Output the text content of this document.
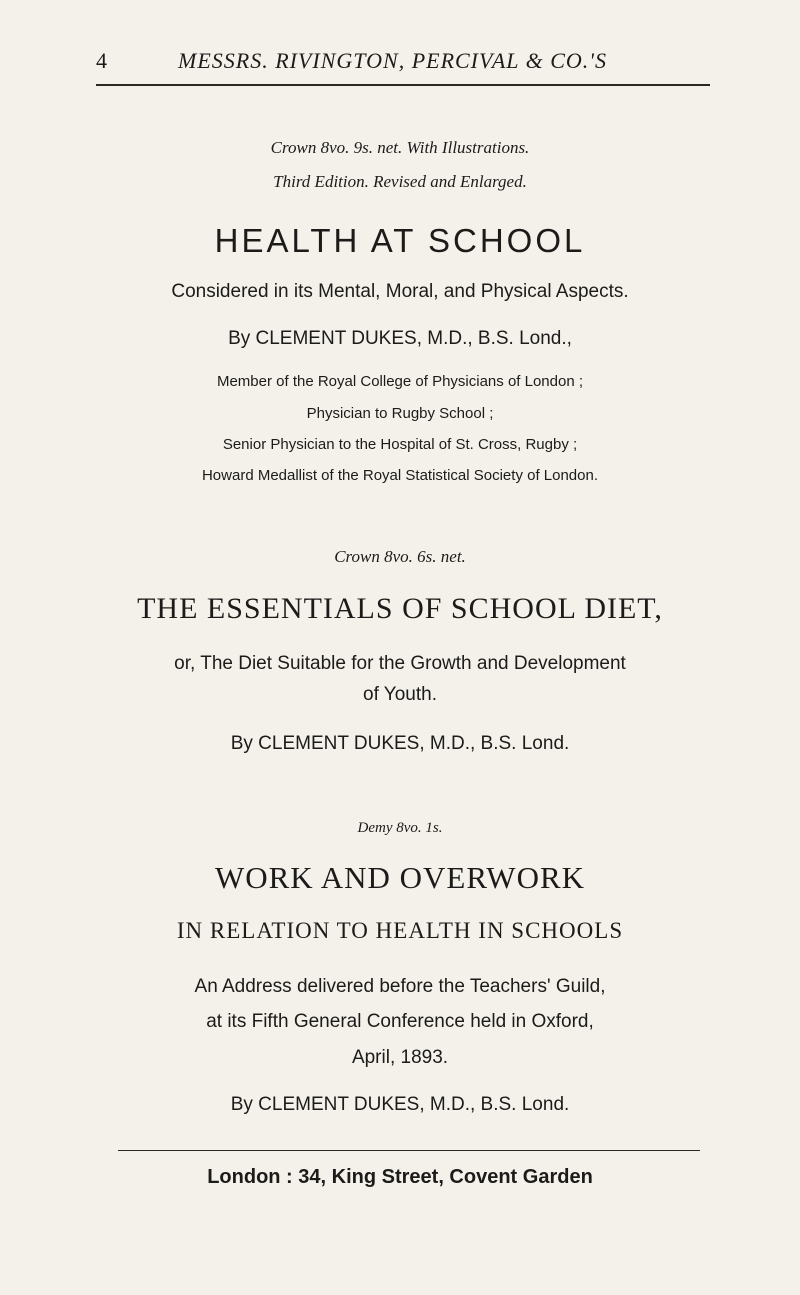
4	MESSRS. RIVINGTON, PERCIVAL & CO.'S
Crown 8vo. 9s. net. With Illustrations.
Third Edition. Revised and Enlarged.
HEALTH AT SCHOOL
Considered in its Mental, Moral, and Physical Aspects.
By CLEMENT DUKES, M.D., B.S. Lond.,
Member of the Royal College of Physicians of London ;
Physician to Rugby School ;
Senior Physician to the Hospital of St. Cross, Rugby ;
Howard Medallist of the Royal Statistical Society of London.
Crown 8vo. 6s. net.
THE ESSENTIALS OF SCHOOL DIET,
or, The Diet Suitable for the Growth and Development
of Youth.
By CLEMENT DUKES, M.D., B.S. Lond.
Demy 8vo. 1s.
WORK AND OVERWORK
IN RELATION TO HEALTH IN SCHOOLS
An Address delivered before the Teachers' Guild,
at its Fifth General Conference held in Oxford,
April, 1893.
By CLEMENT DUKES, M.D., B.S. Lond.
London : 34, King Street, Covent Garden
